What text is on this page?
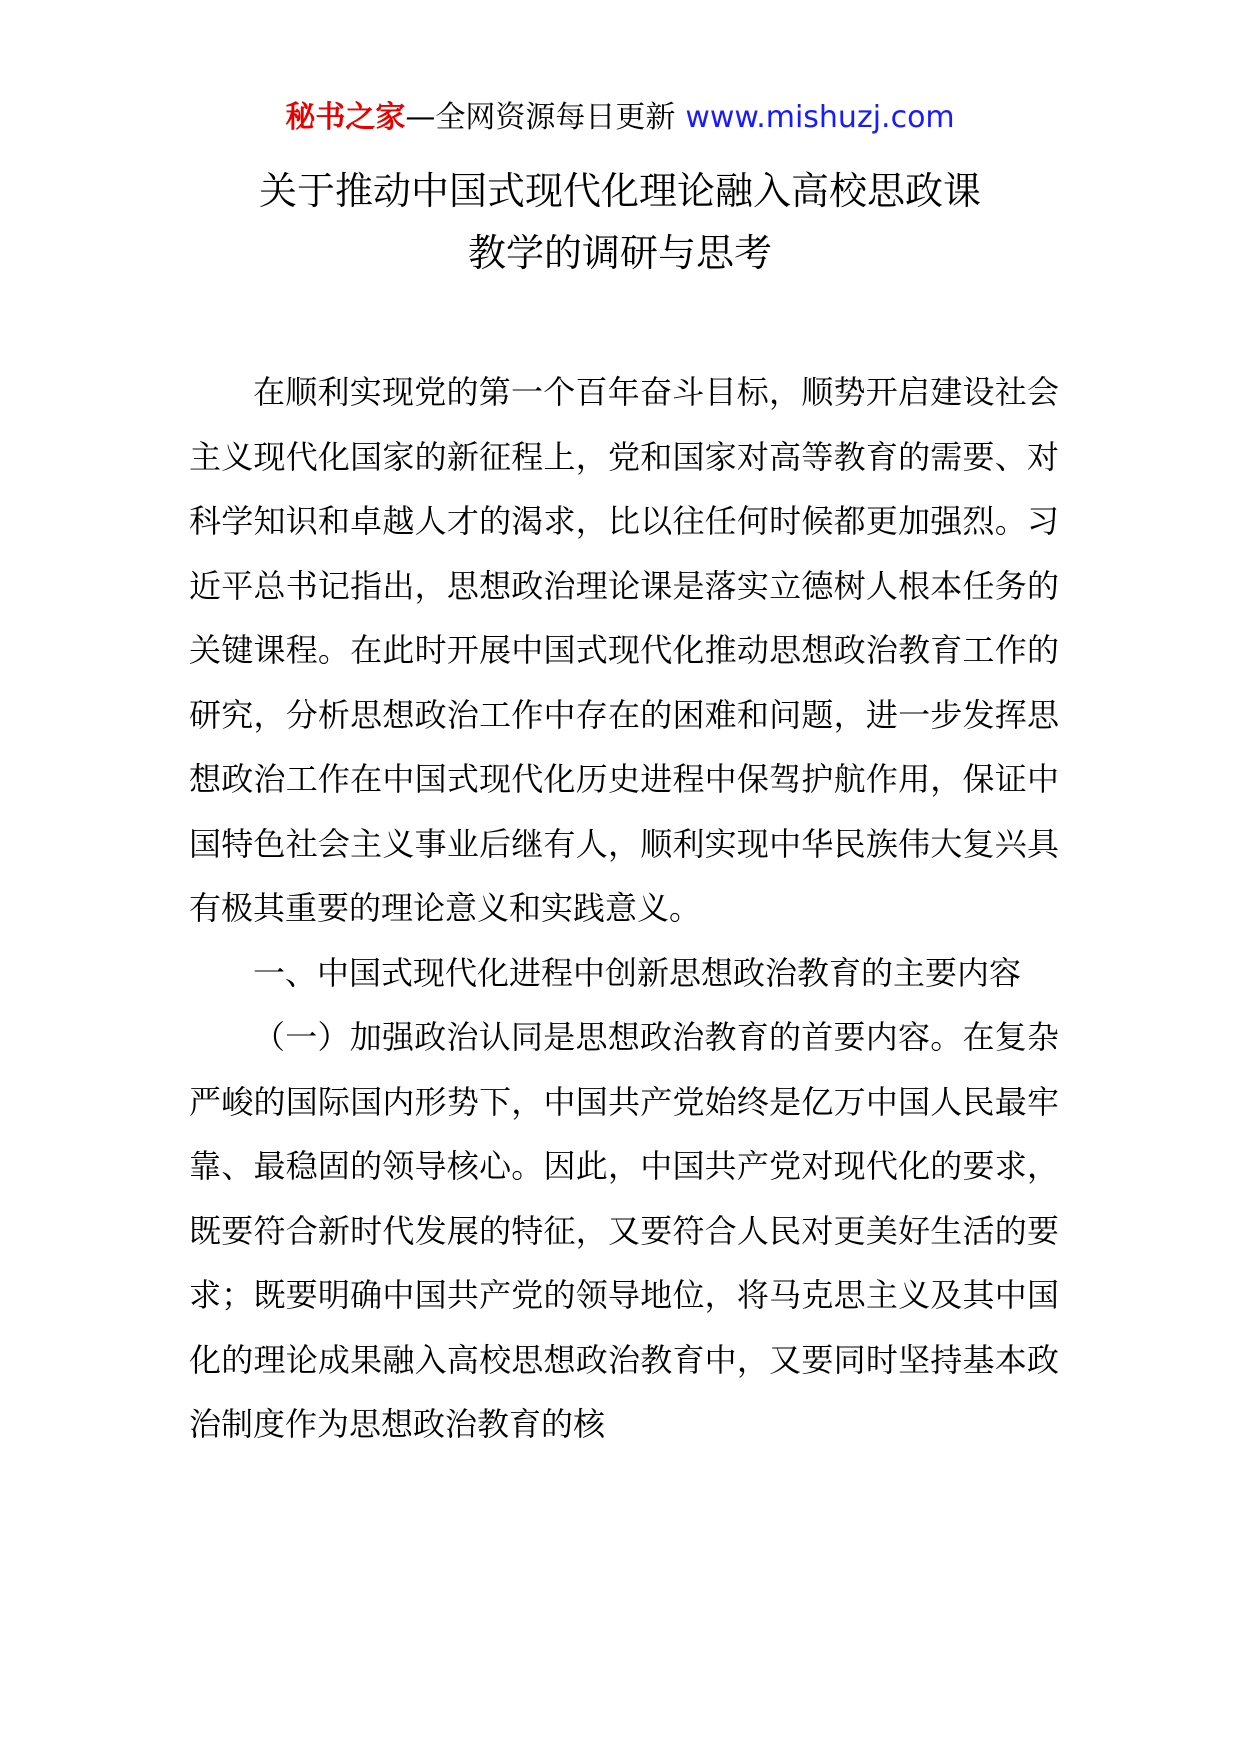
秘书之家—全网资源每日更新 www.mishuzj.com
关于推动中国式现代化理论融入高校思政课
教学的调研与思考

在顺利实现党的第一个百年奋斗目标，顺势开启建设社会主义现代化国家的新征程上，党和国家对高等教育的需要、对科学知识和卓越人才的渴求，比以往任何时候都更加强烈。习近平总书记指出，思想政治理论课是落实立德树人根本任务的关键课程。在此时开展中国式现代化推动思想政治教育工作的研究，分析思想政治工作中存在的困难和问题，进一步发挥思想政治工作在中国式现代化历史进程中保驾护航作用，保证中国特色社会主义事业后继有人，顺利实现中华民族伟大复兴具有极其重要的理论意义和实践意义。

一、中国式现代化进程中创新思想政治教育的主要内容

（一）加强政治认同是思想政治教育的首要内容。在复杂严峻的国际国内形势下，中国共产党始终是亿万中国人民最牢靠、最稳固的领导核心。因此，中国共产党对现代化的要求，既要符合新时代发展的特征，又要符合人民对更美好生活的要求；既要明确中国共产党的领导地位，将马克思主义及其中国化的理论成果融入高校思想政治教育中，又要同时坚持基本政治制度作为思想政治教育的核
